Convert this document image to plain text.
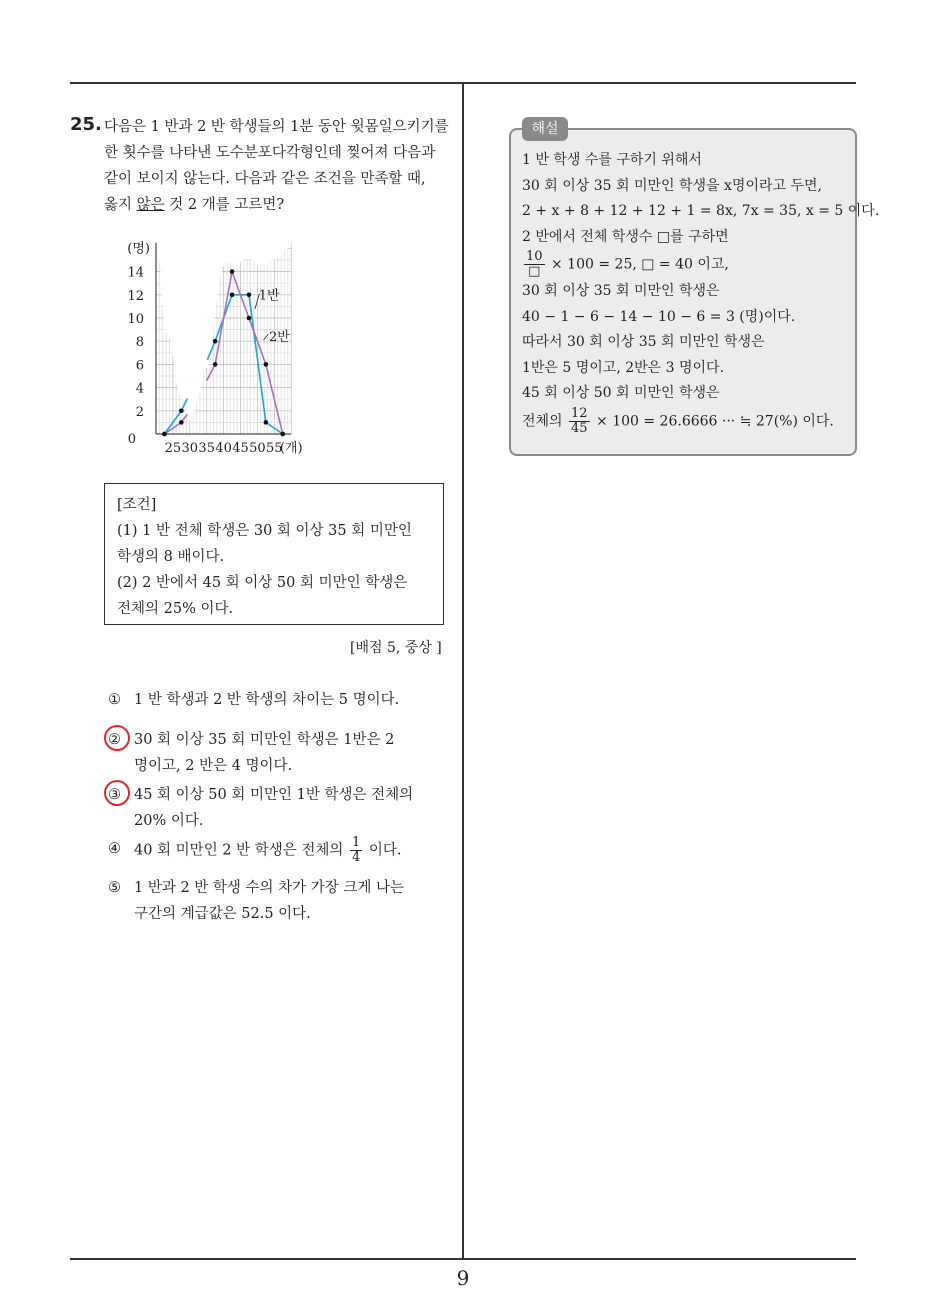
25. 다음은 1 반과 2 반 학생들의 1분 동안 윗몸일으키기를
한 횟수를 나타낸 도수분포다각형인데 찢어져 다음과
같이 보이지 않는다. 다음과 같은 조건을 만족할 때,
옳지 않은 것 2 개를 고르면?
0
2
4
6
8
10
12
14
25 30 35 40 45 50 55
(개)
(명)
1반
2반
[조건]
(1) 1 반 전체 학생은 30 회 이상 35 회 미만인
학생의 8 배이다.
(2) 2 반에서 45 회 이상 50 회 미만인 학생은
전체의 25% 이다.
[배점 5, 중상 ]
① 1 반 학생과 2 반 학생의 차이는 5 명이다.
② 30 회 이상 35 회 미만인 학생은 1반은 2
명이고, 2 반은 4 명이다.
③ 45 회 이상 50 회 미만인 1반 학생은 전체의
20% 이다.
④ 40 회 미만인 2 반 학생은 전체의 $\frac{1}{4}$ 이다.
⑤ 1 반과 2 반 학생 수의 차가 가장 크게 나는
구간의 계급값은 52.5 이다.
해설
1 반 학생 수를 구하기 위해서
30 회 이상 35 회 미만인 학생을 x명이라고 두면,
2 + x + 8 + 12 + 12 + 1 = 8x, 7x = 35, x = 5 이다.
2 반에서 전체 학생수 □를 구하면
$\frac{10}{□} \times 100 = 25$, □ = 40 이고,
30 회 이상 35 회 미만인 학생은
40 − 1 − 6 − 14 − 10 − 6 = 3 (명)이다.
따라서 30 회 이상 35 회 미만인 학생은
1반은 5 명이고, 2반은 3 명이다.
45 회 이상 50 회 미만인 학생은
전체의 $\frac{12}{45} \times 100 = 26.6666$ ··· ≒ 27(%) 이다.
9
